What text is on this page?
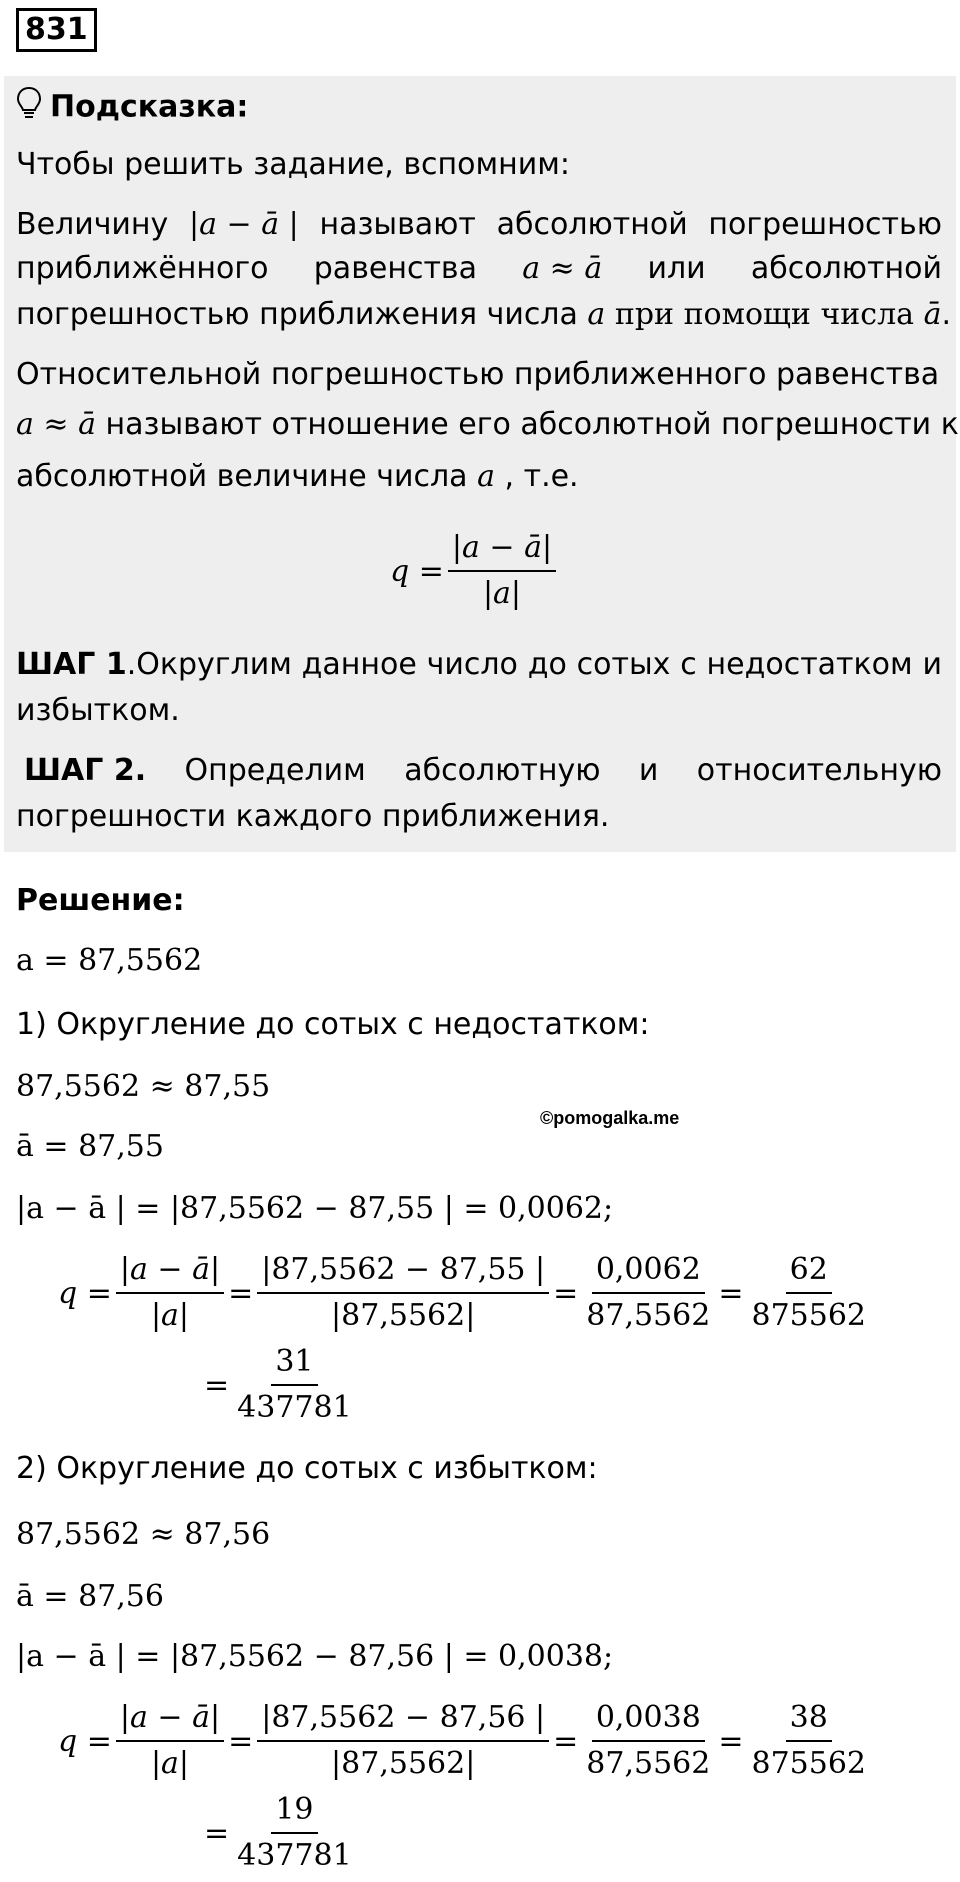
831
Подсказка:
Чтобы решить задание, вспомним:
Величину |a − ā | называют абсолютной погрешностью
приближённого равенства a ≈ ā или абсолютной
погрешностью приближения числа a при помощи числа ā.
Относительной погрешностью приближенного равенства
a ≈ ā называют отношение его абсолютной погрешности к
абсолютной величине числа a , т.е.
$q = \frac{|a - ā|}{|a|}$
ШАГ 1.Округлим данное число до сотых с недостатком и
избытком.
ШАГ 2. Определим абсолютную и относительную
погрешности каждого приближения.
Решение:
a = 87,5562
1) Округление до сотых с недостатком:
87,5562 ≈ 87,55
ā = 87,55
©pomogalka.me
|a − ā | = |87,5562 − 87,55 | = 0,0062;
$q = \frac{|a - ā|}{|a|} = \frac{|87,5562 - 87,55 |}{|87,5562|} = \frac{0,0062}{87,5562} = \frac{62}{875562}$
= $\frac{31}{437781}$
2) Округление до сотых с избытком:
87,5562 ≈ 87,56
ā = 87,56
|a − ā | = |87,5562 − 87,56 | = 0,0038;
$q = \frac{|a - ā|}{|a|} = \frac{|87,5562 - 87,56 |}{|87,5562|} = \frac{0,0038}{87,5562} = \frac{38}{875562}$
= $\frac{19}{437781}$
